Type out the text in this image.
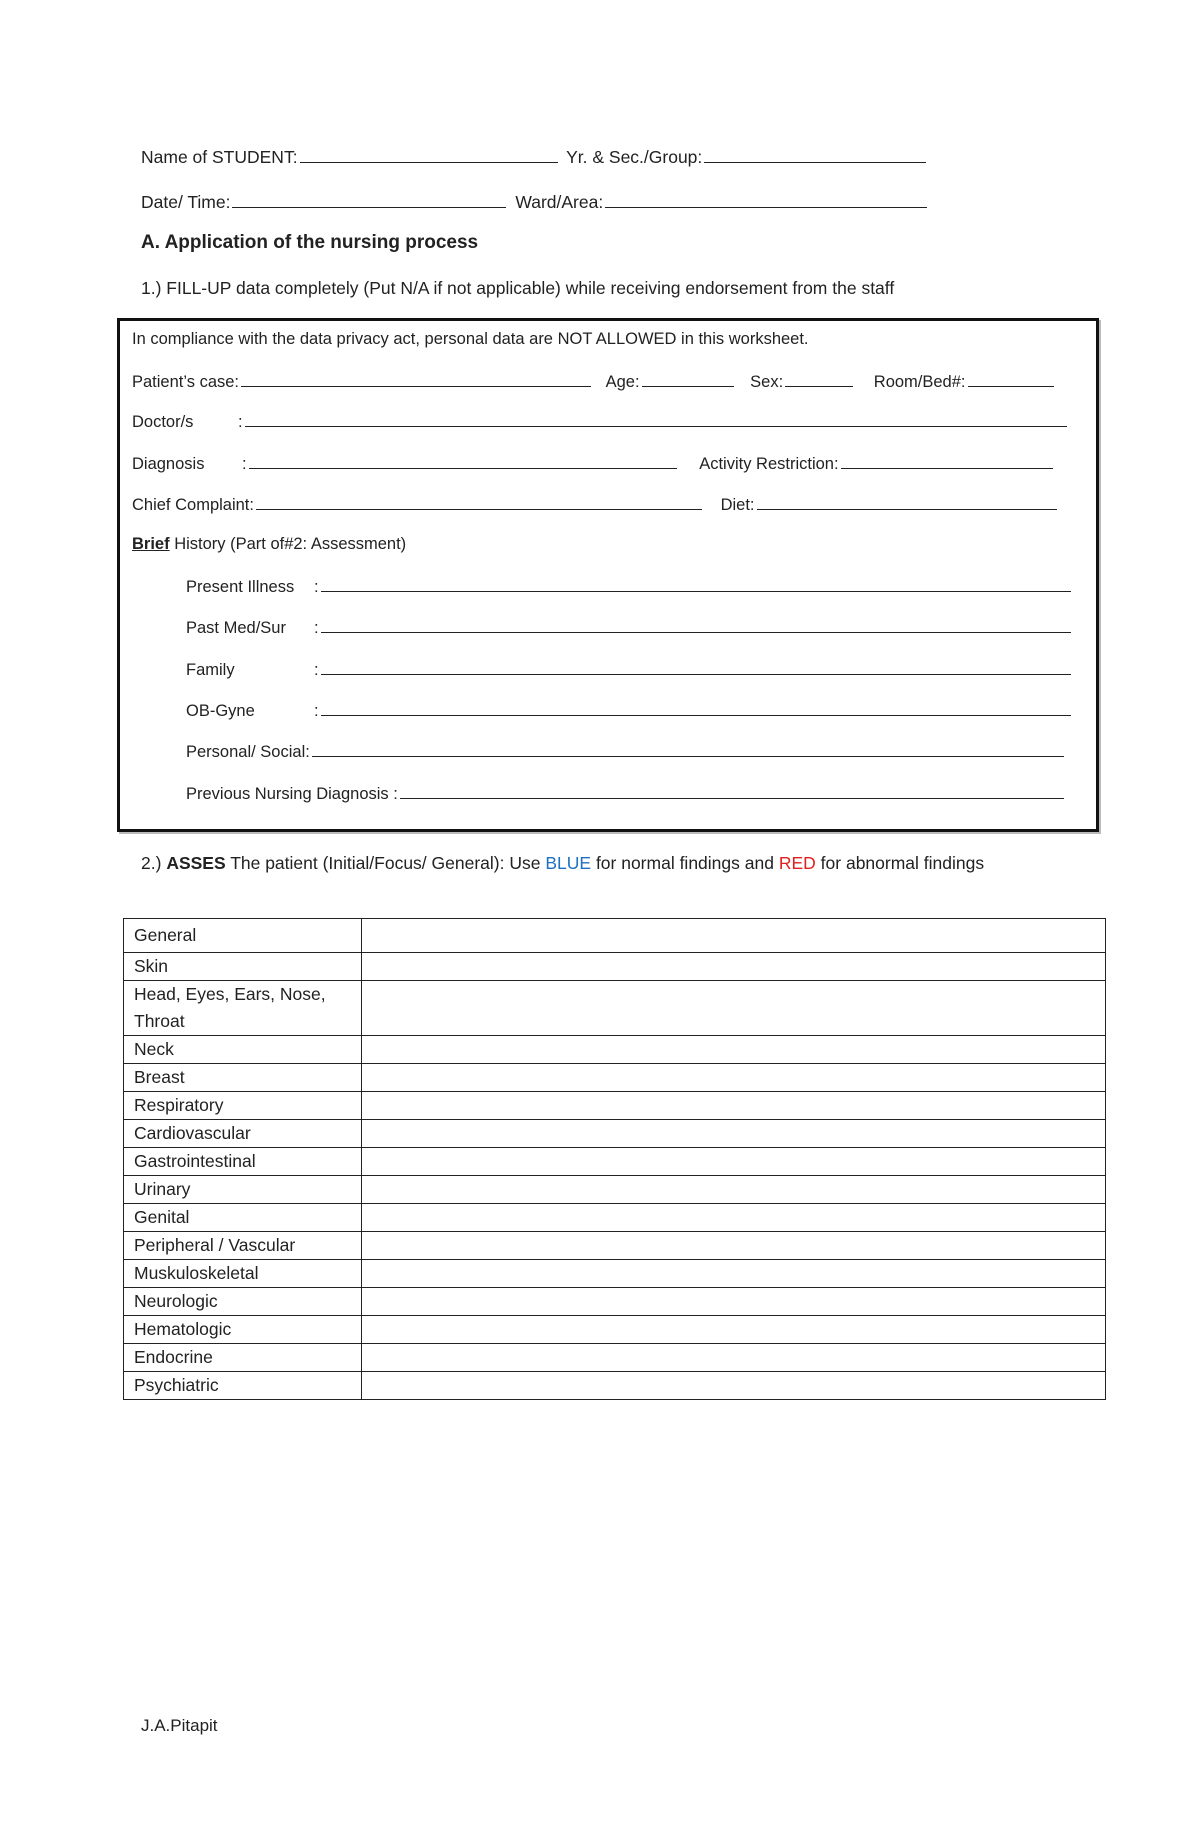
Name of STUDENT:	Yr. & Sec./Group:
Date/ Time:	Ward/Area:
A. Application of the nursing process
1.) FILL-UP data completely (Put N/A if not applicable) while receiving endorsement from the staff
In compliance with the data privacy act, personal data are NOT ALLOWED in this worksheet.
Patient’s case:	Age:	Sex:	Room/Bed#:
Doctor/s	:
Diagnosis :	Activity Restriction:
Chief Complaint:	Diet:
Brief History (Part of#2: Assessment)
Present Illness :
Past Med/Sur :
Family	:
OB-Gyne	:
Personal/ Social:
Previous Nursing Diagnosis :
2.) ASSES The patient (Initial/Focus/ General): Use BLUE for normal findings and RED for abnormal findings
General	
Skin	
Head, Eyes, Ears, Nose, Throat	
Neck	
Breast	
Respiratory	
Cardiovascular	
Gastrointestinal	
Urinary	
Genital	
Peripheral / Vascular	
Muskuloskeletal	
Neurologic	
Hematologic	
Endocrine	
Psychiatric	
J.A.Pitapit
